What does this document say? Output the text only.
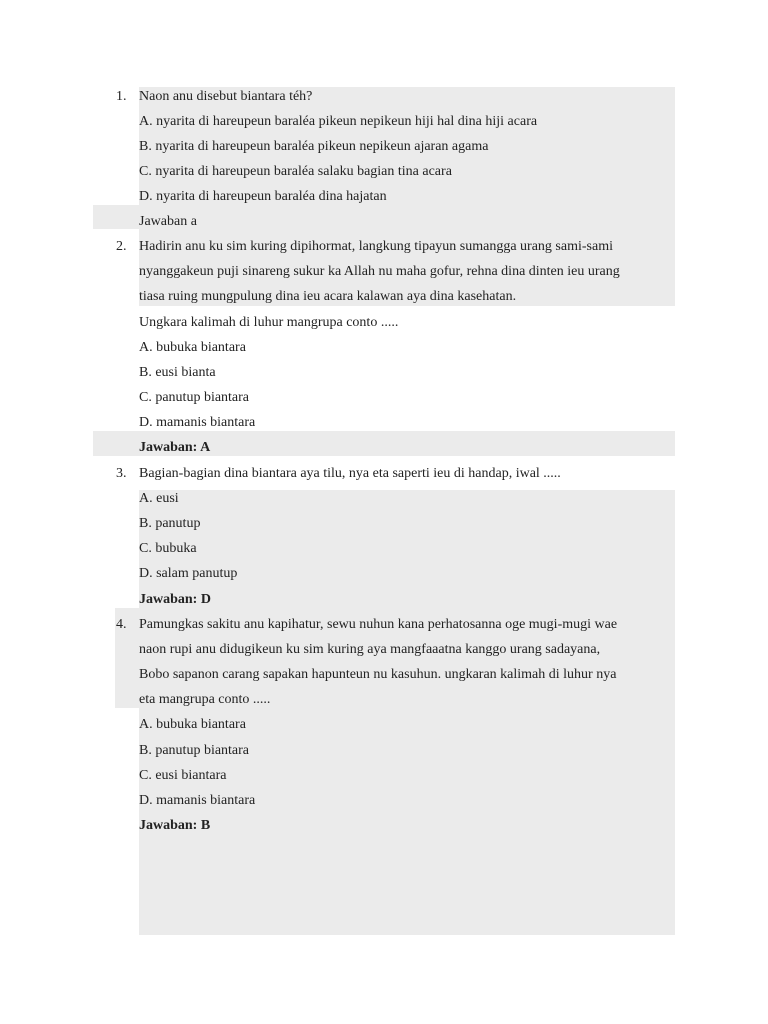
1. Naon anu disebut biantara téh?
A. nyarita di hareupeun baraléa pikeun nepikeun hiji hal dina hiji acara
B. nyarita di hareupeun baraléa pikeun nepikeun ajaran agama
C. nyarita di hareupeun baraléa salaku bagian tina acara
D. nyarita di hareupeun baraléa dina hajatan
Jawaban a
2. Hadirin anu ku sim kuring dipihormat, langkung tipayun sumangga urang sami-sami
nyanggakeun puji sinareng sukur ka Allah nu maha gofur, rehna dina dinten ieu urang
tiasa ruing mungpulung dina ieu acara kalawan aya dina kasehatan.
Ungkara kalimah di luhur mangrupa conto .....
A. bubuka biantara
B. eusi bianta
C. panutup biantara
D. mamanis biantara
Jawaban: A
3. Bagian-bagian dina biantara aya tilu, nya eta saperti ieu di handap, iwal .....
A. eusi
B. panutup
C. bubuka
D. salam panutup
Jawaban: D
4. Pamungkas sakitu anu kapihatur, sewu nuhun kana perhatosanna oge mugi-mugi wae
naon rupi anu didugikeun ku sim kuring aya mangfaaatna kanggo urang sadayana,
Bobo sapanon carang sapakan hapunteun nu kasuhun. ungkaran kalimah di luhur nya
eta mangrupa conto .....
A. bubuka biantara
B. panutup biantara
C. eusi biantara
D. mamanis biantara
Jawaban: B
